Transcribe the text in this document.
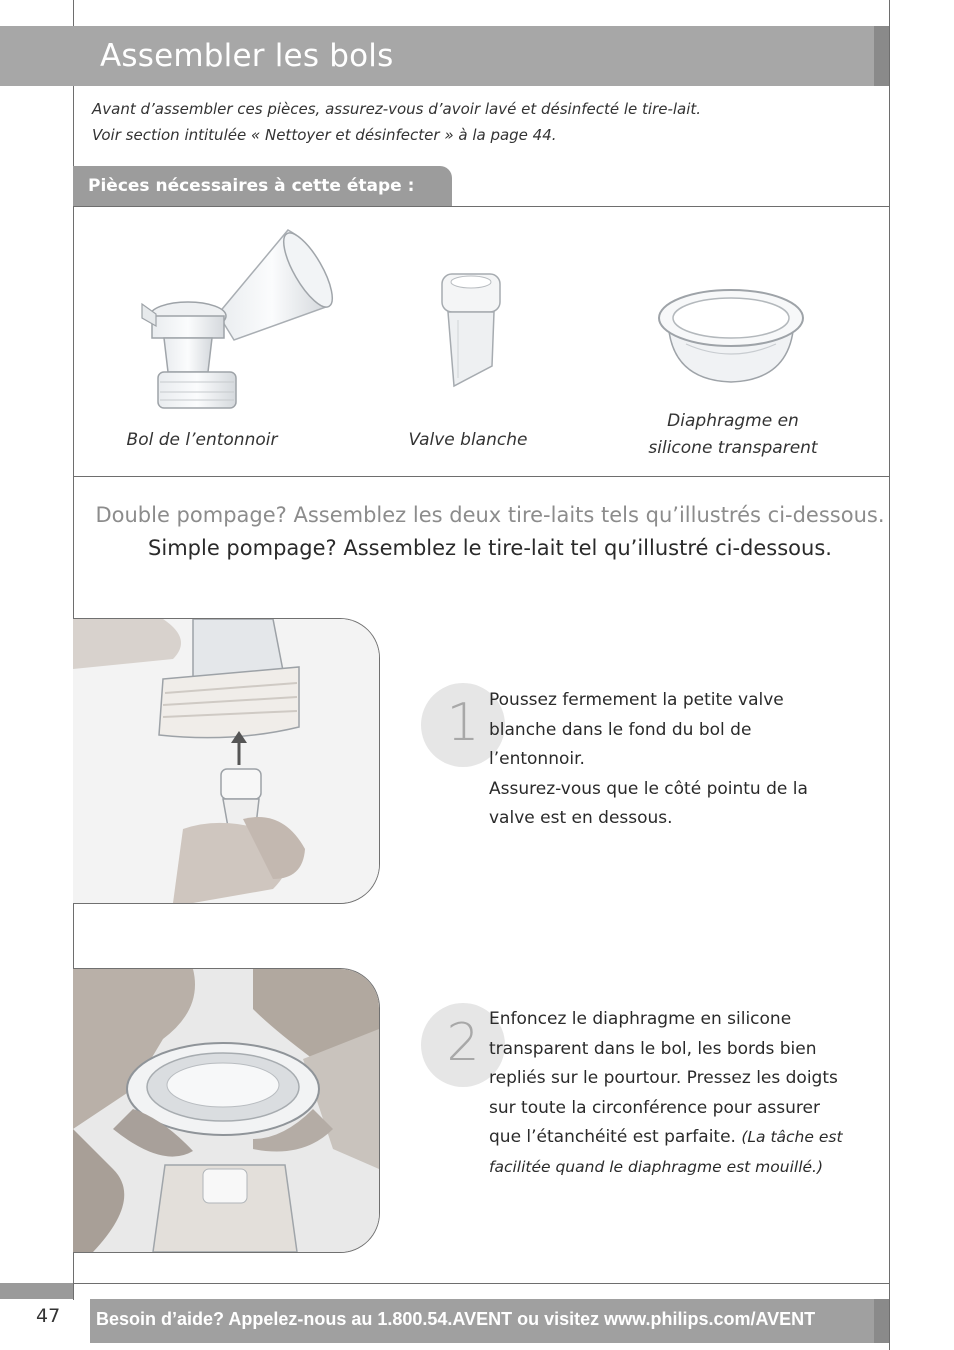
Assembler les bols
Avant d’assembler ces pièces, assurez-vous d’avoir lavé et désinfecté le tire-lait.
Voir section intitulée « Nettoyer et désinfecter » à la page 44.
Pièces nécessaires à cette étape :
Bol de l’entonnoir	Valve blanche
Diaphragme en
silicone transparent
Double pompage? Assemblez les deux tire-laits tels qu’illustrés ci-dessous.
Simple pompage? Assemblez le tire-lait tel qu’illustré ci-dessous.
1 Poussez fermement la petite valve
blanche dans le fond du bol de l’entonnoir.
Assurez-vous que le côté pointu de la
valve est en dessous.
2 Enfoncez le diaphragme en silicone
transparent dans le bol, les bords bien
repliés sur le pourtour. Pressez les doigts
sur toute la circonférence pour assurer
que l’étanchéité est parfaite. (La tâche est
facilitée quand le diaphragme est mouillé.)
47 Besoin d’aide? Appelez-nous au 1.800.54.AVENT ou visitez www.philips.com/AVENT
